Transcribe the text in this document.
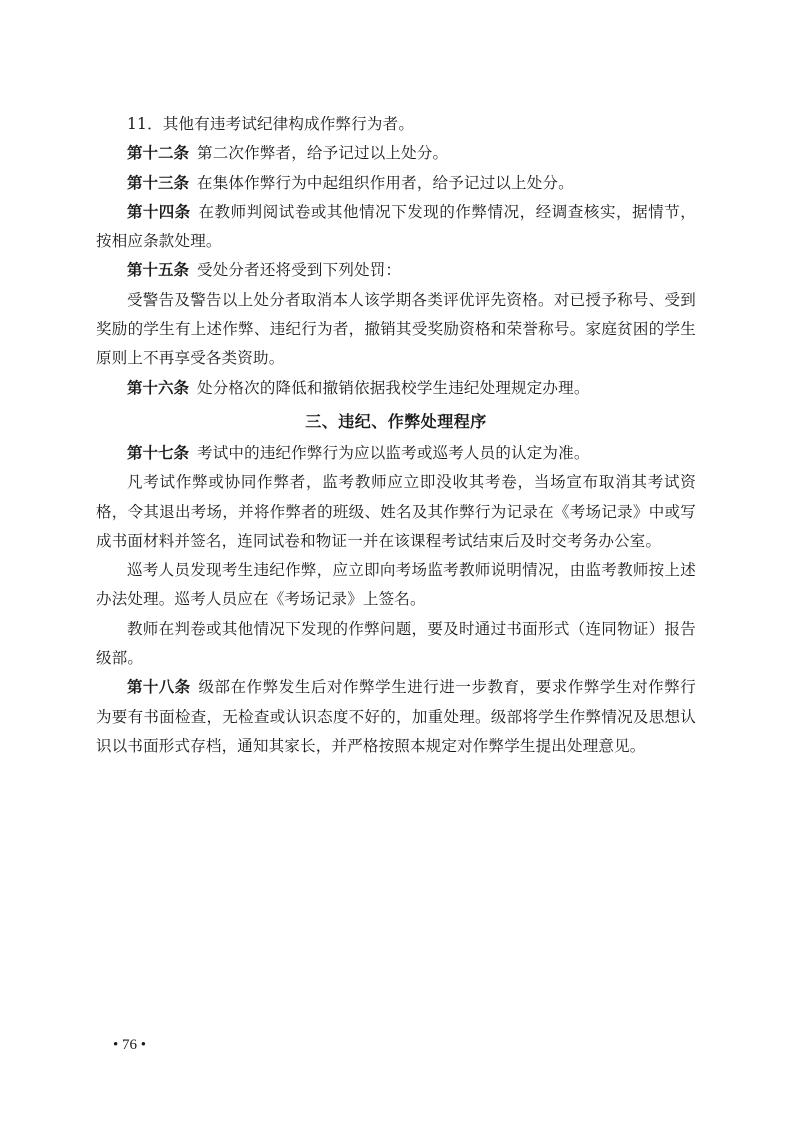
11．其他有违考试纪律构成作弊行为者。

第十二条 第二次作弊者，给予记过以上处分。

第十三条 在集体作弊行为中起组织作用者，给予记过以上处分。

第十四条 在教师判阅试卷或其他情况下发现的作弊情况，经调查核实，据情节，按相应条款处理。

第十五条 受处分者还将受到下列处罚：

受警告及警告以上处分者取消本人该学期各类评优评先资格。对已授予称号、受到奖励的学生有上述作弊、违纪行为者，撤销其受奖励资格和荣誉称号。家庭贫困的学生原则上不再享受各类资助。

第十六条 处分格次的降低和撤销依据我校学生违纪处理规定办理。

三、违纪、作弊处理程序

第十七条 考试中的违纪作弊行为应以监考或巡考人员的认定为准。

凡考试作弊或协同作弊者，监考教师应立即没收其考卷，当场宣布取消其考试资格，令其退出考场，并将作弊者的班级、姓名及其作弊行为记录在《考场记录》中或写成书面材料并签名，连同试卷和物证一并在该课程考试结束后及时交考务办公室。

巡考人员发现考生违纪作弊，应立即向考场监考教师说明情况，由监考教师按上述办法处理。巡考人员应在《考场记录》上签名。

教师在判卷或其他情况下发现的作弊问题，要及时通过书面形式（连同物证）报告级部。

第十八条 级部在作弊发生后对作弊学生进行进一步教育，要求作弊学生对作弊行为要有书面检查，无检查或认识态度不好的，加重处理。级部将学生作弊情况及思想认识以书面形式存档，通知其家长，并严格按照本规定对作弊学生提出处理意见。

• 76 •
